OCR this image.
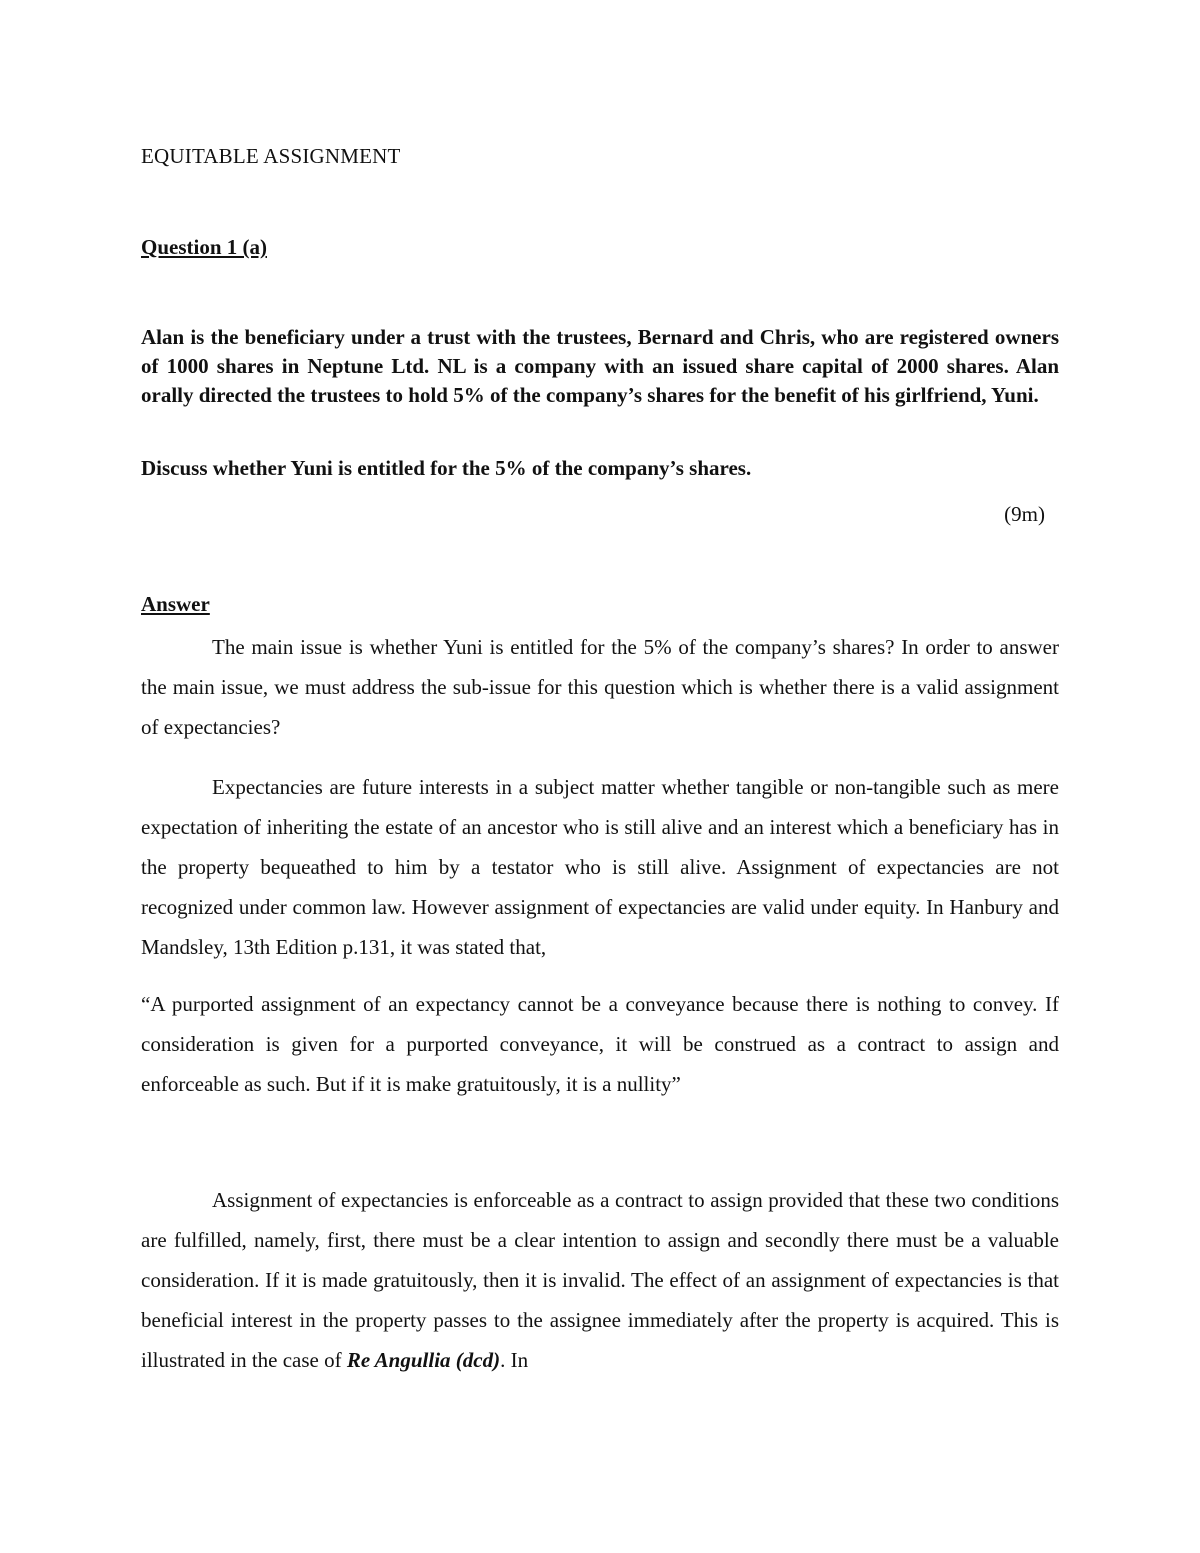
EQUITABLE ASSIGNMENT
Question 1 (a)

Alan is the beneficiary under a trust with the trustees, Bernard and Chris, who are registered owners of 1000 shares in Neptune Ltd. NL is a company with an issued share capital of 2000 shares. Alan orally directed the trustees to hold 5% of the company’s shares for the benefit of his girlfriend, Yuni.

Discuss whether Yuni is entitled for the 5% of the company’s shares.
(9m)
Answer

The main issue is whether Yuni is entitled for the 5% of the company’s shares? In order to answer the main issue, we must address the sub-issue for this question which is whether there is a valid assignment of expectancies?

Expectancies are future interests in a subject matter whether tangible or non-tangible such as mere expectation of inheriting the estate of an ancestor who is still alive and an interest which a beneficiary has in the property bequeathed to him by a testator who is still alive. Assignment of expectancies are not recognized under common law. However assignment of expectancies are valid under equity. In Hanbury and Mandsley, 13th Edition p.131, it was stated that,

“A purported assignment of an expectancy cannot be a conveyance because there is nothing to convey. If consideration is given for a purported conveyance, it will be construed as a contract to assign and enforceable as such. But if it is make gratuitously, it is a nullity”

Assignment of expectancies is enforceable as a contract to assign provided that these two conditions are fulfilled, namely, first, there must be a clear intention to assign and secondly there must be a valuable consideration. If it is made gratuitously, then it is invalid. The effect of an assignment of expectancies is that beneficial interest in the property passes to the assignee immediately after the property is acquired. This is illustrated in the case of Re Angullia (dcd). In
